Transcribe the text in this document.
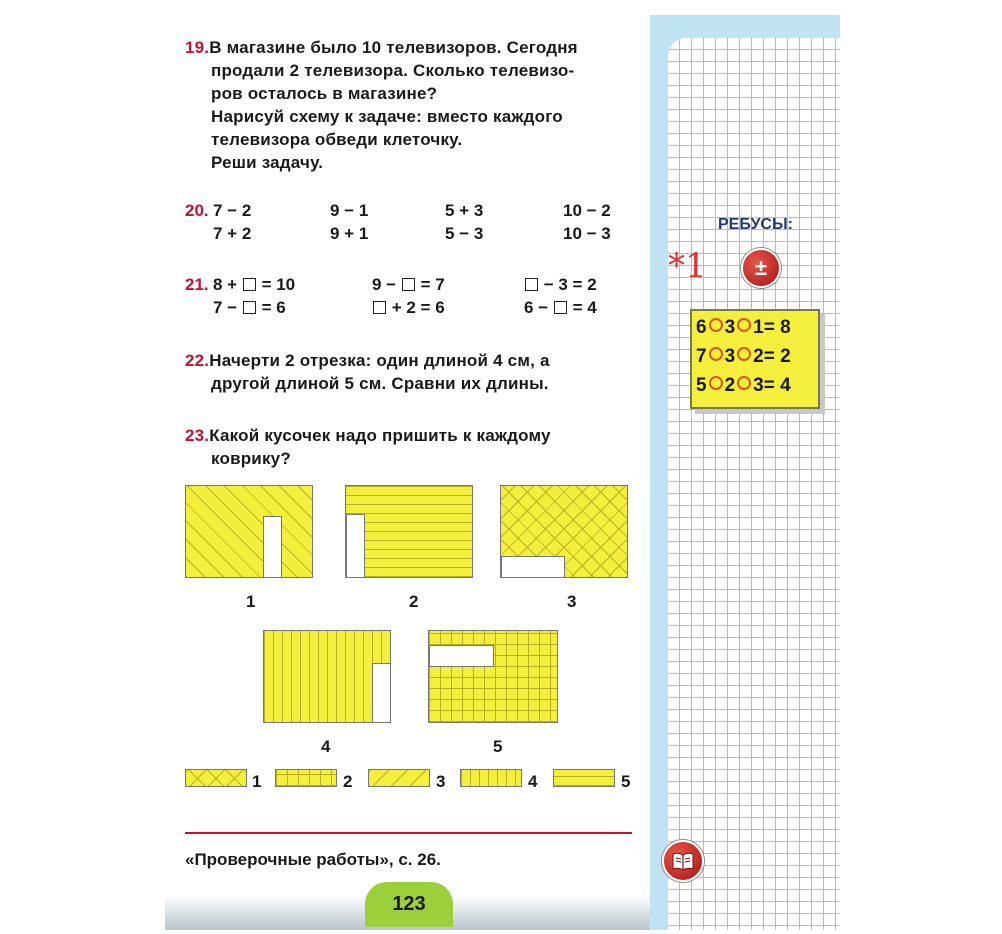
19.В магазине было 10 телевизоров. Сегодня
продали 2 телевизора. Сколько телевизо-
ров осталось в магазине?
Нарисуй схему к задаче: вместо каждого
телевизора обведи клеточку.
Реши задачу.
20. 7 − 2	9 − 1	5 + 3	10 − 2
7 + 2	9 + 1	5 − 3	10 − 3
21. 8 +  = 10	9 −  = 7	− 3 = 2
7 −  = 6	+ 2 = 6	6 −  = 4
22.Начерти 2 отрезка: один длиной 4 см, а
другой длиной 5 см. Сравни их длины.
23.Какой кусочек надо пришить к каждому
коврику?
1	2	3
4	5
1	2	3	4	5
«Проверочные работы», с. 26.
123
РЕБУСЫ:
*1	±
6 3 1= 8
7 3 2= 2
5 2 3= 4
